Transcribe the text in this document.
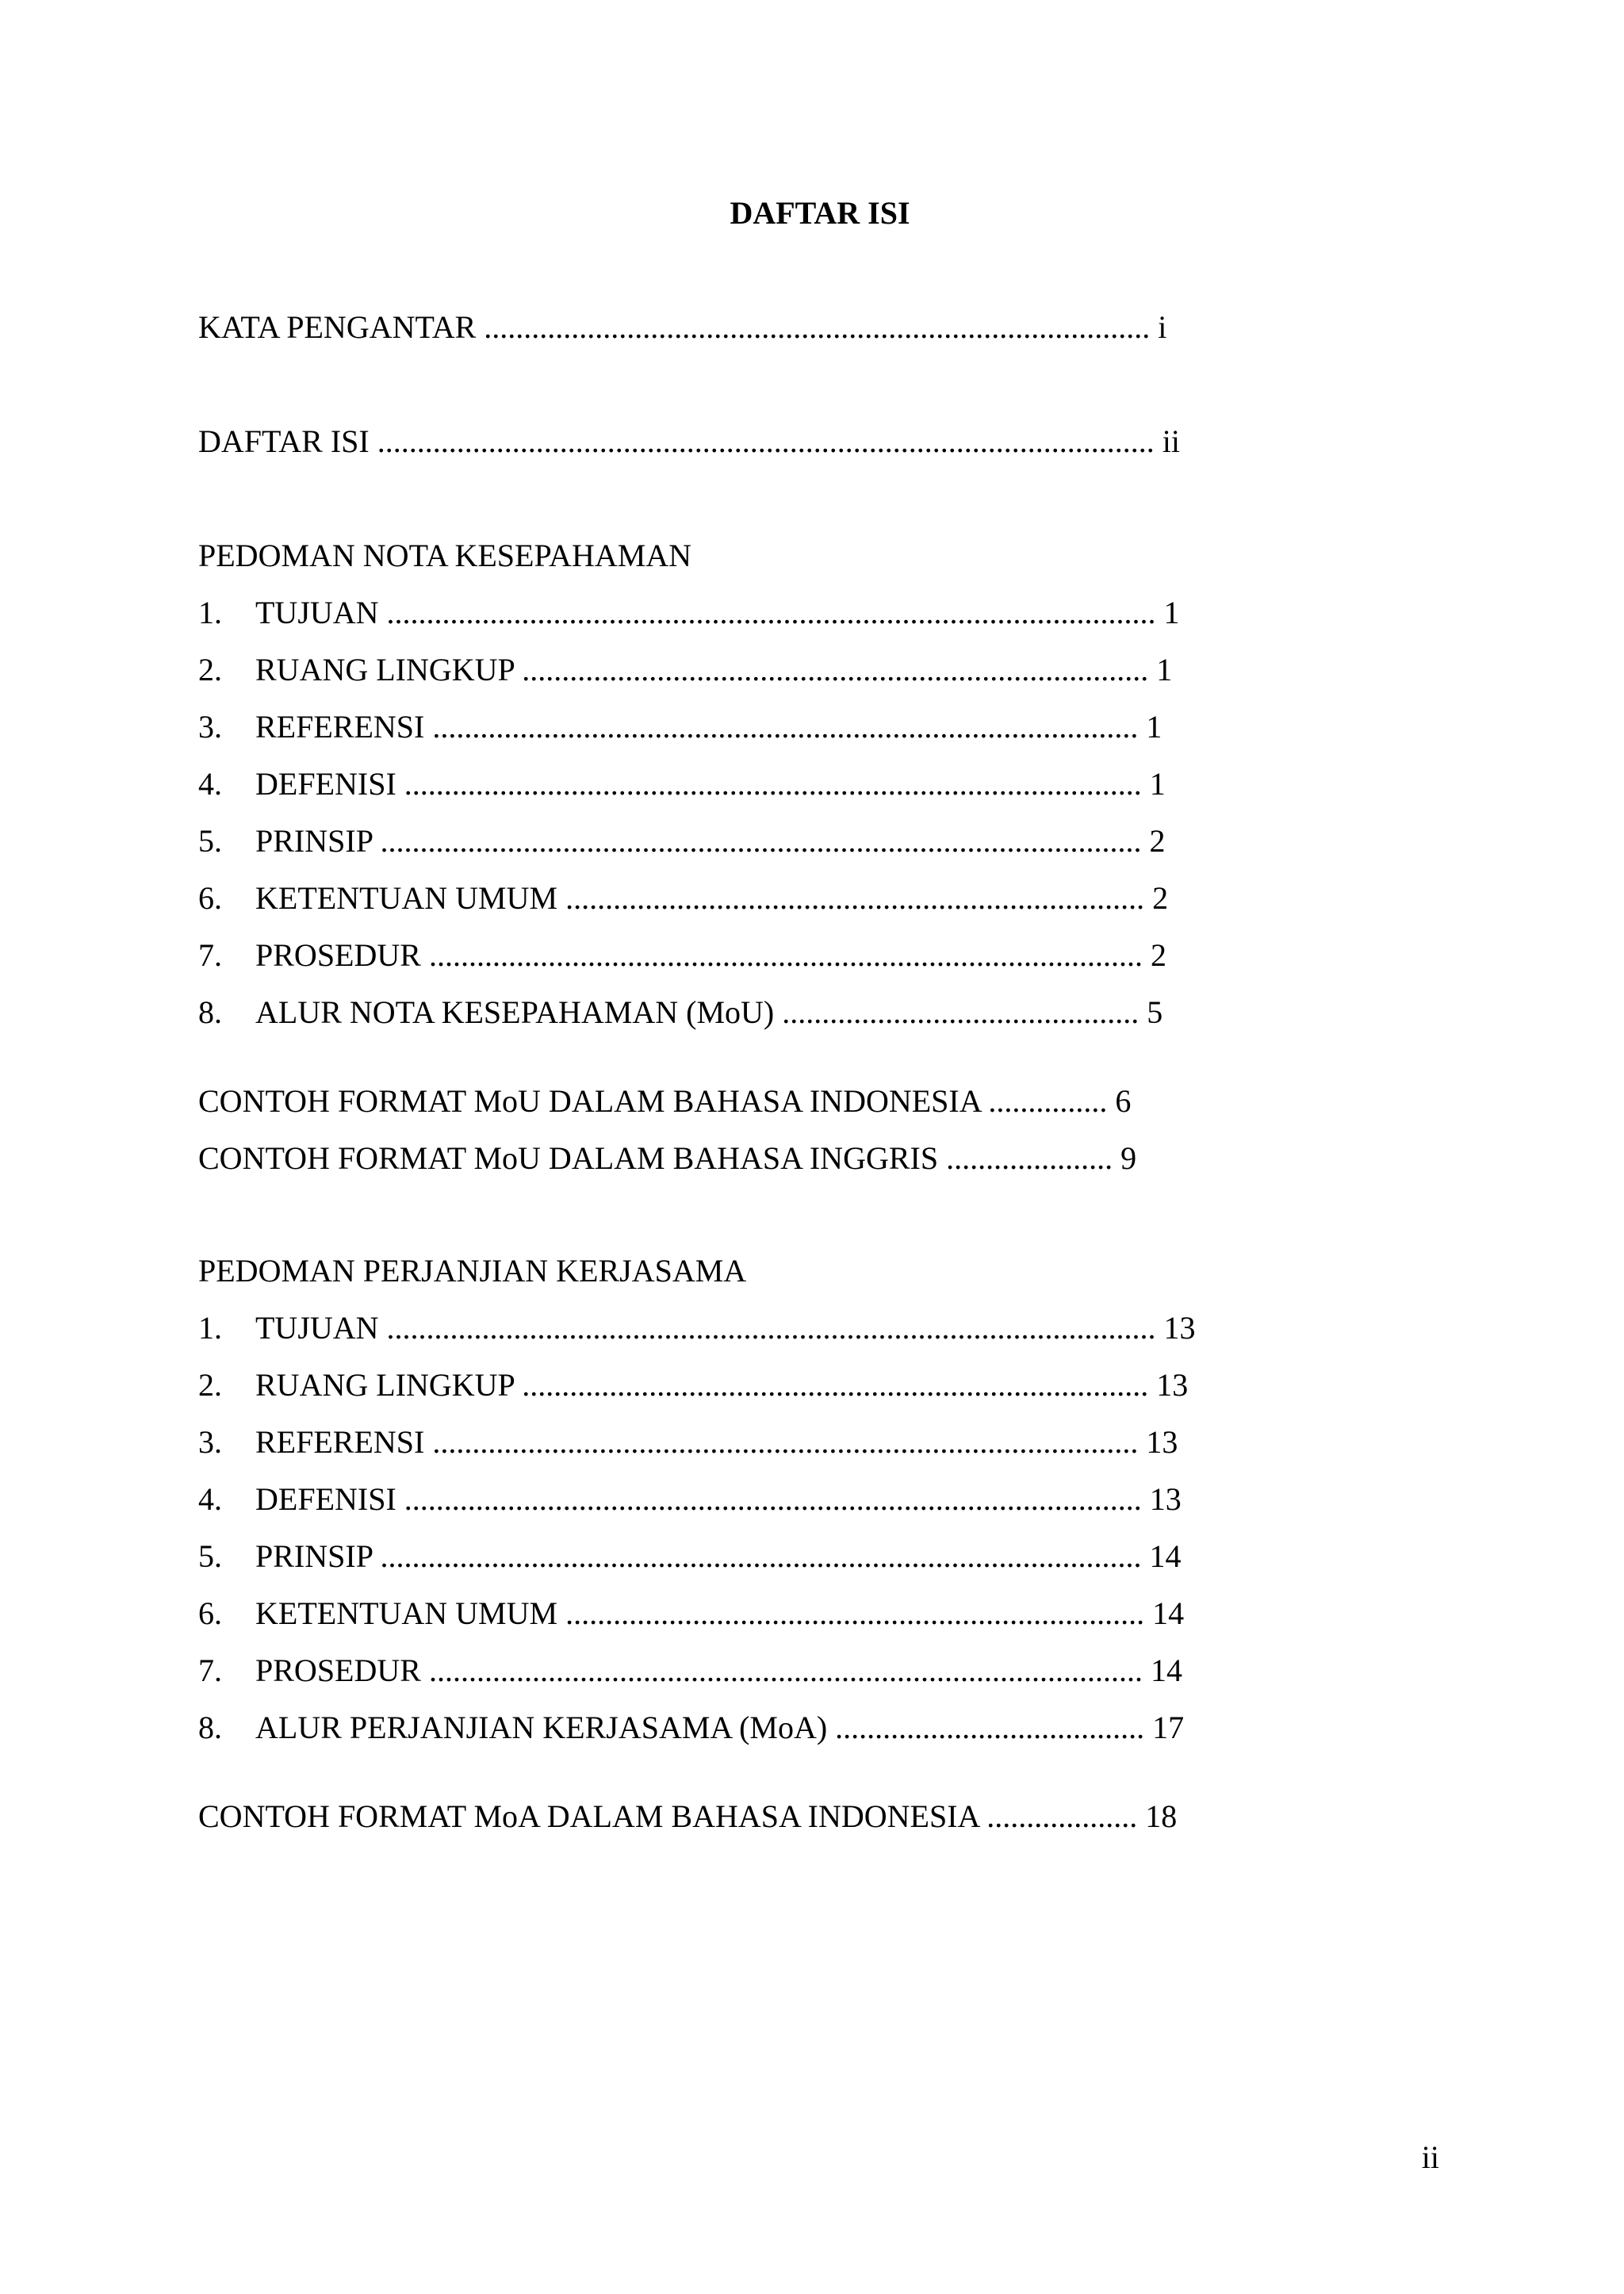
DAFTAR ISI
KATA PENGANTAR .................................................................................... i
DAFTAR ISI .................................................................................................. ii
PEDOMAN NOTA KESEPAHAMAN
1. TUJUAN ................................................................................................. 1
2. RUANG LINGKUP ............................................................................... 1
3. REFERENSI ......................................................................................... 1
4. DEFENISI ............................................................................................. 1
5. PRINSIP ................................................................................................ 2
6. KETENTUAN UMUM ......................................................................... 2
7. PROSEDUR .......................................................................................... 2
8. ALUR NOTA KESEPAHAMAN (MoU) ............................................. 5
CONTOH FORMAT MoU DALAM BAHASA INDONESIA ............... 6
CONTOH FORMAT MoU DALAM BAHASA INGGRIS ..................... 9
PEDOMAN PERJANJIAN KERJASAMA
1. TUJUAN ................................................................................................. 13
2. RUANG LINGKUP ............................................................................... 13
3. REFERENSI ......................................................................................... 13
4. DEFENISI ............................................................................................. 13
5. PRINSIP ................................................................................................ 14
6. KETENTUAN UMUM ......................................................................... 14
7. PROSEDUR .......................................................................................... 14
8. ALUR PERJANJIAN KERJASAMA (MoA) ....................................... 17
CONTOH FORMAT MoA DALAM BAHASA INDONESIA ................... 18
ii
